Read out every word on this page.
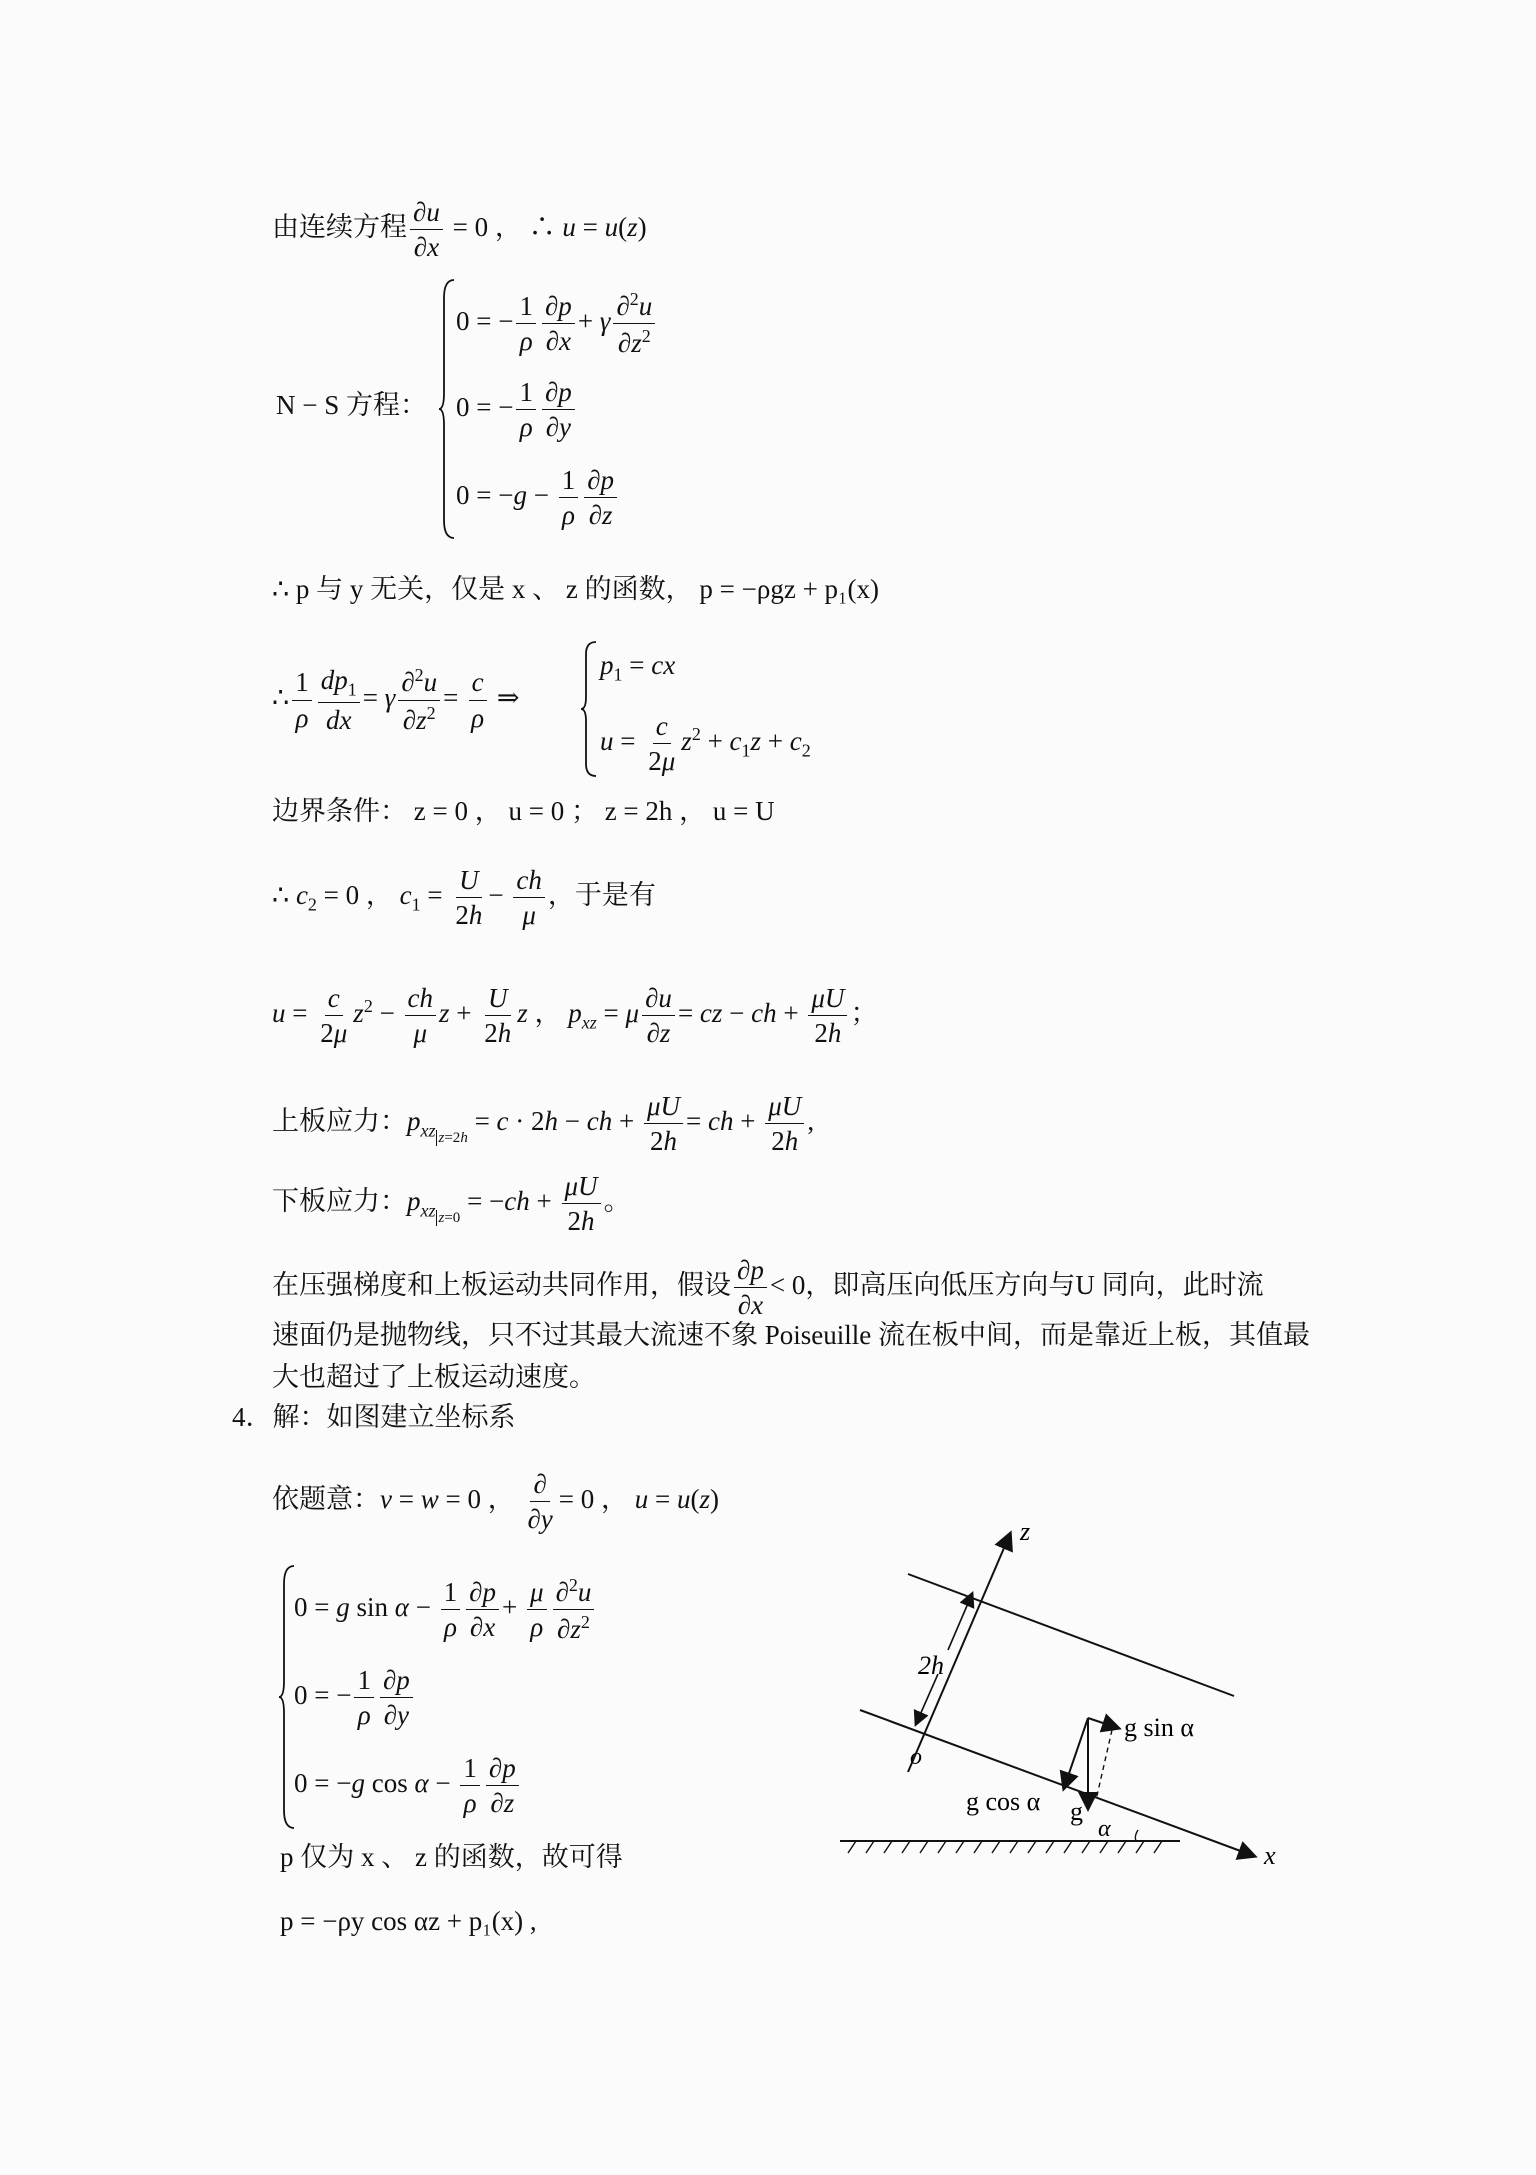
由连续方程 $\frac{\partial u}{\partial x} = 0$ ， ∴ u = u(z)
N − S 方程：
0 = − $\frac{1}{\rho} \frac{\partial p}{\partial x} + \gamma \frac{\partial^2u}{\partial z^2}$
0 = − $\frac{1}{\rho} \frac{\partial p}{\partial y}$
$0 = -g - \frac{1}{\rho} \frac{\partial p}{\partial z}$
∴ p 与 y 无关，仅是 x 、 z 的函数， p = −ρgz + p₁(x)
∴ $\frac{1}{\rho} \frac{dp_1}{dx} = \gamma \frac{\partial^2u}{\partial z^2} = \frac{c}{\rho}$ ⇒
$p_1$ = cx
$u = \frac{c}{2\mu} z^2 + c_1z + c_2$
边界条件： z = 0 ， u = 0 ； z = 2h ， u = U
∴ $c_2 = 0$ ， $c_1 = \frac{U}{2h} - \frac{ch}{\mu}$ ，于是有
$u = \frac{c}{2\mu} z^2 - \frac{ch}{\mu}$ $z + \frac{U}{2h}$ z ， $p_{xz} = \mu \frac{\partial u}{\partial z}$ = cz − ch + $\frac{\mu U}{2h}$ ；
上板应力：$p_{xz}$ $_{z=2h}$ = c · 2h − ch + $\frac{\mu U}{2h}$ = ch + $\frac{\mu U}{2h}$ ,
下板应力：$p_{xz}$ $_{z=0} = -ch + \frac{\mu U}{2h}$ 。
在压强梯度和上板运动共同作用，假设 $\frac{\partial p}{\partial x} < 0$，即高压向低压方向与U 同向，此时流
速面仍是抛物线，只不过其最大流速不象 Poiseuille 流在板中间，而是靠近上板，其值最
大也超过了上板运动速度。
4．解：如图建立坐标系
依题意：v = w = 0 ， $\frac{\partial}{\partial y} = 0$ ， u = u(z)
0 = g $\sin \alpha - \frac{1}{\rho} \frac{\partial p}{\partial x} + \frac{\mu}{\rho} \frac{\partial^2u}{\partial z^2}$
0 = − $\frac{1}{\rho} \frac{\partial p}{\partial y}$
0 = −g $\cos \alpha - \frac{1}{\rho} \frac{\partial p}{\partial z}$
p 仅为 x 、 z 的函数，故可得
p = −ρy cos αz + p₁(x) ,
z
x
o
2h
g sin α
g cos α g
α
